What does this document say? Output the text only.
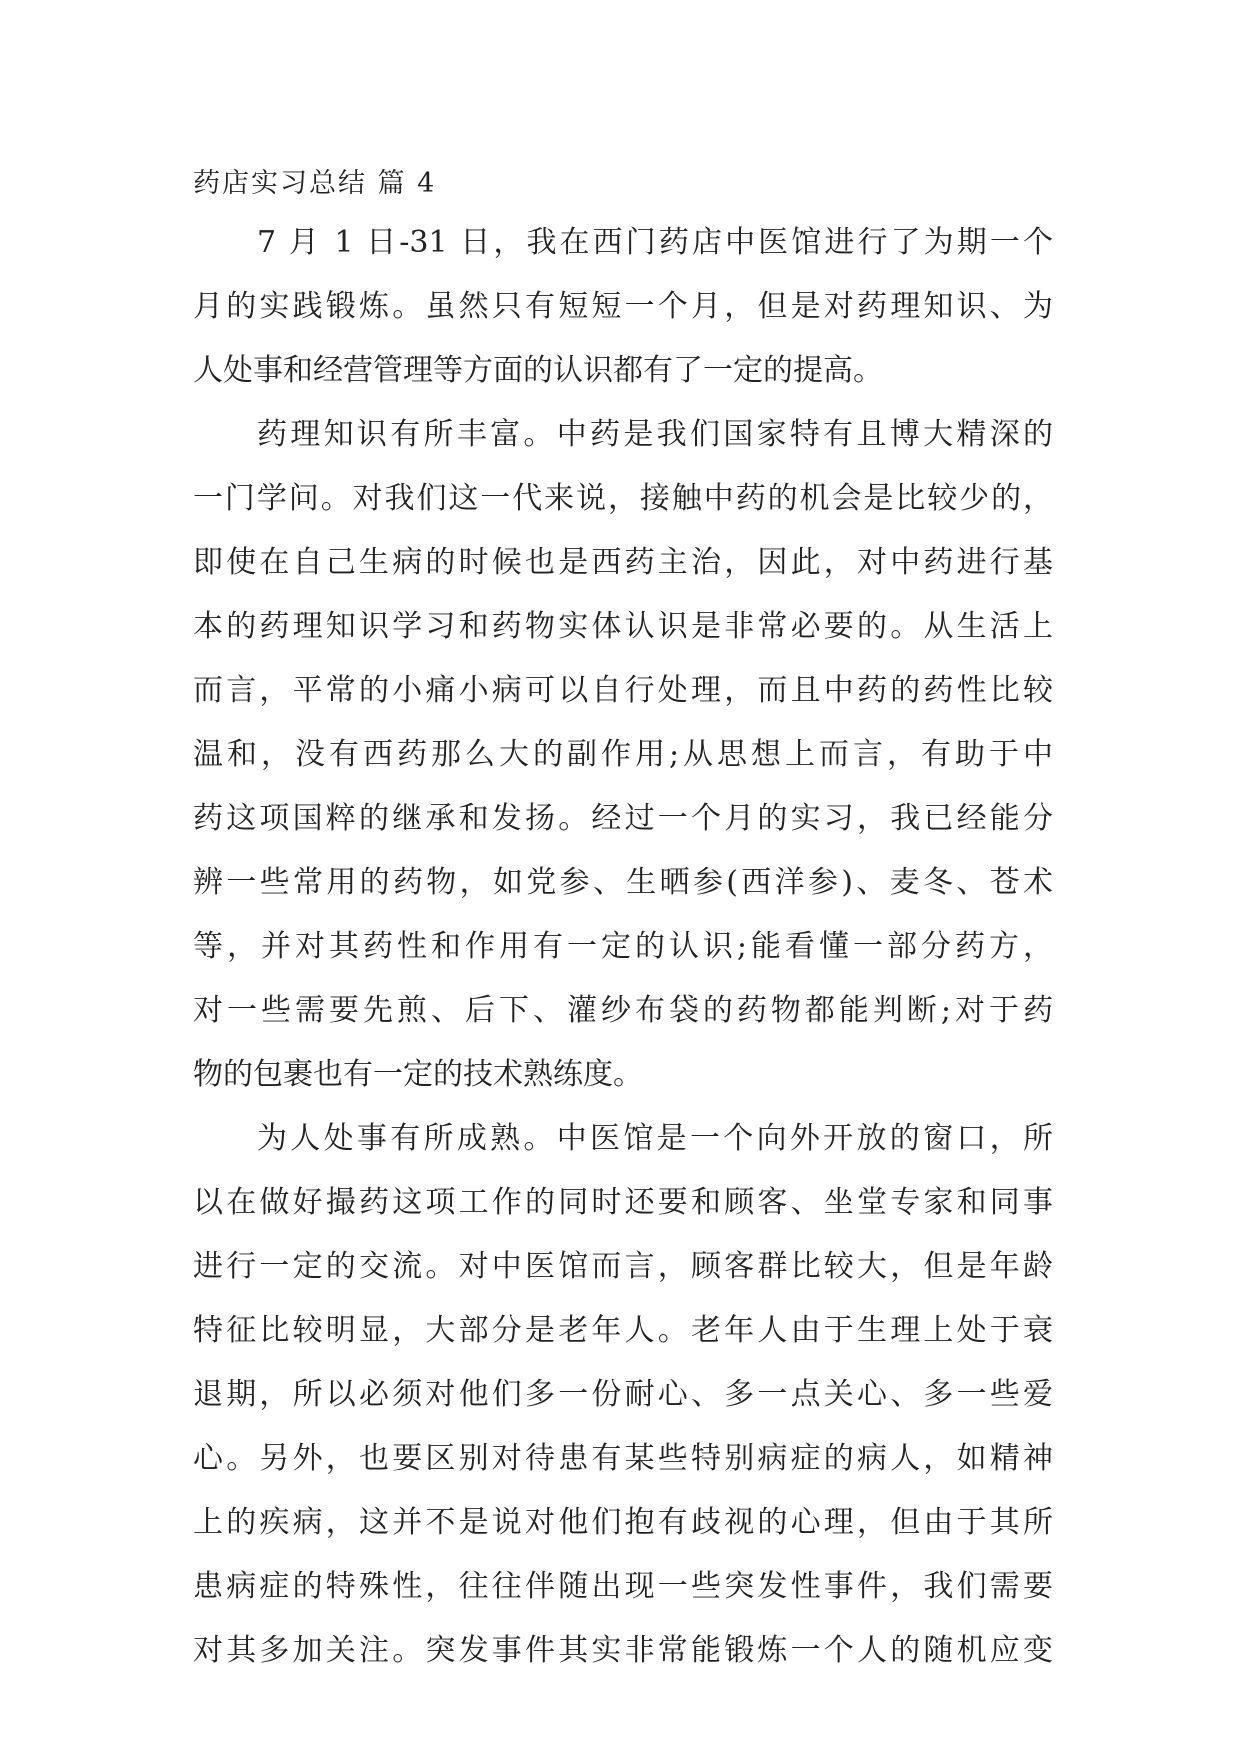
药店实习总结 篇 4
7 月 1 日-31 日，我在西门药店中医馆进行了为期一个
月的实践锻炼。虽然只有短短一个月，但是对药理知识、为
人处事和经营管理等方面的认识都有了一定的提高。
药理知识有所丰富。中药是我们国家特有且博大精深的
一门学问。对我们这一代来说，接触中药的机会是比较少的，
即使在自己生病的时候也是西药主治，因此，对中药进行基
本的药理知识学习和药物实体认识是非常必要的。从生活上
而言，平常的小痛小病可以自行处理，而且中药的药性比较
温和，没有西药那么大的副作用;从思想上而言，有助于中
药这项国粹的继承和发扬。经过一个月的实习，我已经能分
辨一些常用的药物，如党参、生晒参(西洋参)、麦冬、苍术
等，并对其药性和作用有一定的认识;能看懂一部分药方，
对一些需要先煎、后下、灌纱布袋的药物都能判断;对于药
物的包裹也有一定的技术熟练度。
为人处事有所成熟。中医馆是一个向外开放的窗口，所
以在做好撮药这项工作的同时还要和顾客、坐堂专家和同事
进行一定的交流。对中医馆而言，顾客群比较大，但是年龄
特征比较明显，大部分是老年人。老年人由于生理上处于衰
退期，所以必须对他们多一份耐心、多一点关心、多一些爱
心。另外，也要区别对待患有某些特别病症的病人，如精神
上的疾病，这并不是说对他们抱有歧视的心理，但由于其所
患病症的特殊性，往往伴随出现一些突发性事件，我们需要
对其多加关注。突发事件其实非常能锻炼一个人的随机应变
